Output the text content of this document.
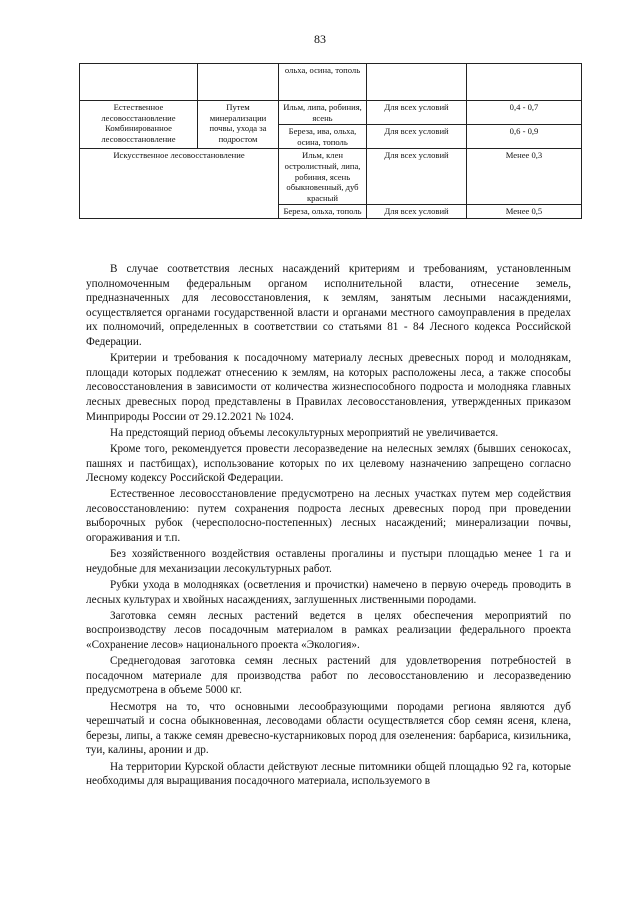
83
		ольха, осина, тополь		

Естественное лесовосстановление
Комбинированное лесовосстановление	Путем минерализации почвы, ухода за подростом	Ильм, липа, робиния, ясень	Для всех условий	0,4 - 0,7
		Береза, ива, ольха, осина, тополь	Для всех условий	0,6 - 0,9
Искусственное лесовосстановление		Ильм, клен остролистный, липа, робиния, ясень обыкновенный, дуб красный	Для всех условий	Менее 0,3
		Береза, ольха, тополь	Для всех условий	Менее 0,5

В случае соответствия лесных насаждений критериям и требованиям, установленным уполномоченным федеральным органом исполнительной власти, отнесение земель, предназначенных для лесовосстановления, к землям, занятым лесными насаждениями, осуществляется органами государственной власти и органами местного самоуправления в пределах их полномочий, определенных в соответствии со статьями 81 - 84 Лесного кодекса Российской Федерации.

Критерии и требования к посадочному материалу лесных древесных пород и молоднякам, площади которых подлежат отнесению к землям, на которых расположены леса, а также способы лесовосстановления в зависимости от количества жизнеспособного подроста и молодняка главных лесных древесных пород представлены в Правилах лесовосстановления, утвержденных приказом Минприроды России от 29.12.2021 № 1024.

На предстоящий период объемы лесокультурных мероприятий не увеличивается.

Кроме того, рекомендуется провести лесоразведение на нелесных землях (бывших сенокосах, пашнях и пастбищах), использование которых по их целевому назначению запрещено согласно Лесному кодексу Российской Федерации.

Естественное лесовосстановление предусмотрено на лесных участках путем мер содействия лесовосстановлению: путем сохранения подроста лесных древесных пород при проведении выборочных рубок (чересполосно-постепенных) лесных насаждений; минерализации почвы, огораживания и т.п.

Без хозяйственного воздействия оставлены прогалины и пустыри площадью менее 1 га и неудобные для механизации лесокультурных работ.

Рубки ухода в молодняках (осветления и прочистки) намечено в первую очередь проводить в лесных культурах и хвойных насаждениях, заглушенных лиственными породами.

Заготовка семян лесных растений ведется в целях обеспечения мероприятий по воспроизводству лесов посадочным материалом в рамках реализации федерального проекта «Сохранение лесов» национального проекта «Экология».

Среднегодовая заготовка семян лесных растений для удовлетворения потребностей в посадочном материале для производства работ по лесовосстановлению и лесоразведению предусмотрена в объеме 5000 кг.

Несмотря на то, что основными лесообразующими породами региона являются дуб черешчатый и сосна обыкновенная, лесоводами области осуществляется сбор семян ясеня, клена, березы, липы, а также семян древесно-кустарниковых пород для озеленения: барбариса, кизильника, туи, калины, аронии и др.

На территории Курской области действуют лесные питомники общей площадью 92 га, которые необходимы для выращивания посадочного материала, используемого в
